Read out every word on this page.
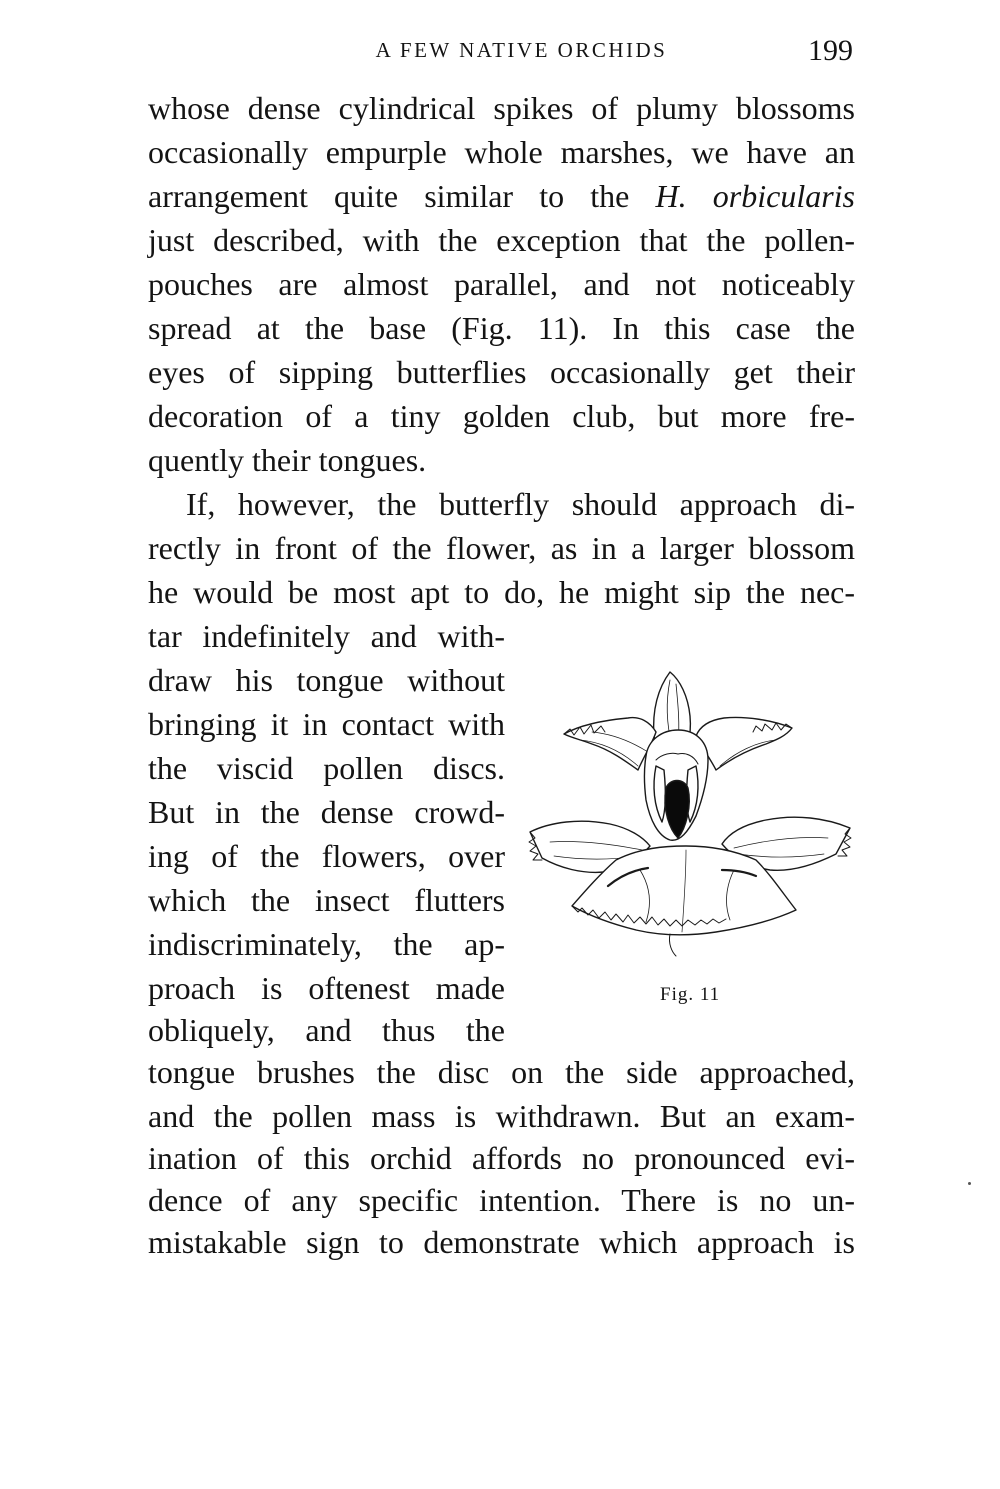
A FEW NATIVE ORCHIDS	199
whose dense cylindrical spikes of plumy blossoms
occasionally empurple whole marshes, we have an
arrangement quite similar to the H. orbicularis
just described, with the exception that the pollen-
pouches are almost parallel, and not noticeably
spread at the base (Fig. 11). In this case the
eyes of sipping butterflies occasionally get their
decoration of a tiny golden club, but more fre-
quently their tongues.
If, however, the butterfly should approach di-
rectly in front of the flower, as in a larger blossom
he would be most apt to do, he might sip the nec-
tar indefinitely and with-
draw his tongue without
bringing it in contact with
the viscid pollen discs.
But in the dense crowd-
ing of the flowers, over
which the insect flutters
indiscriminately, the ap-
proach is oftenest made
obliquely, and thus the
tongue brushes the disc on the side approached,
and the pollen mass is withdrawn. But an exam-
ination of this orchid affords no pronounced evi-
dence of any specific intention. There is no un-
mistakable sign to demonstrate which approach is
Fig. 11
